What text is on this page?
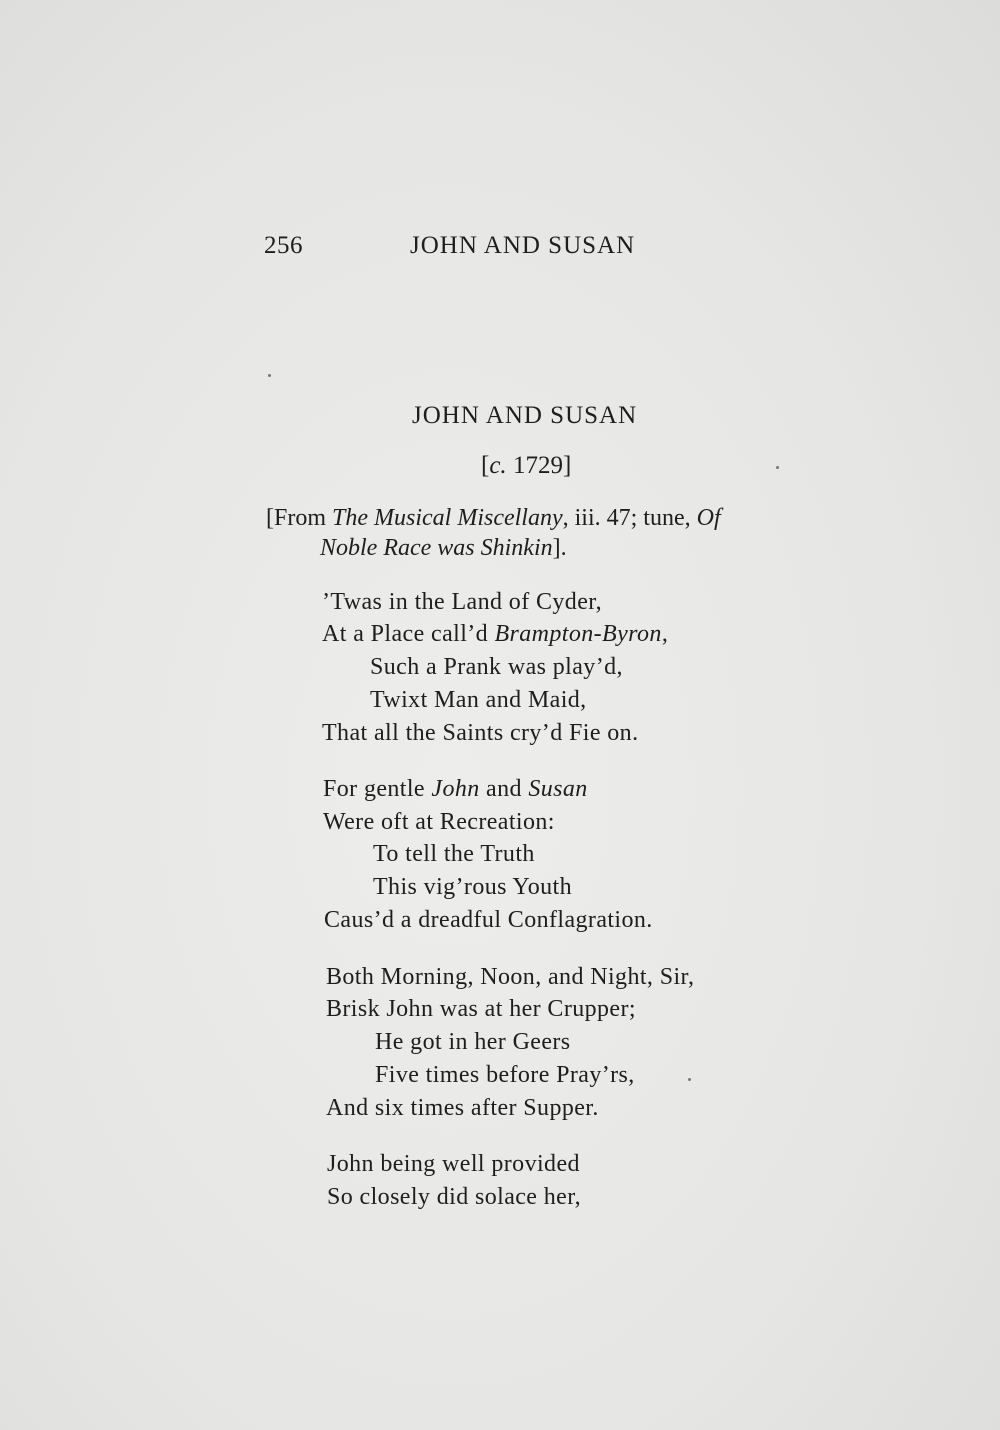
256	JOHN AND SUSAN
JOHN AND SUSAN
[c. 1729]
[From The Musical Miscellany, iii. 47; tune, Of
Noble Race was Shinkin].
’Twas in the Land of Cyder,
At a Place call’d Brampton-Byron,
Such a Prank was play’d,
Twixt Man and Maid,
That all the Saints cry’d Fie on.
For gentle John and Susan
Were oft at Recreation:
To tell the Truth
This vig’rous Youth
Caus’d a dreadful Conflagration.
Both Morning, Noon, and Night, Sir,
Brisk John was at her Crupper;
He got in her Geers
Five times before Pray’rs,
And six times after Supper.
John being well provided
So closely did solace her,
